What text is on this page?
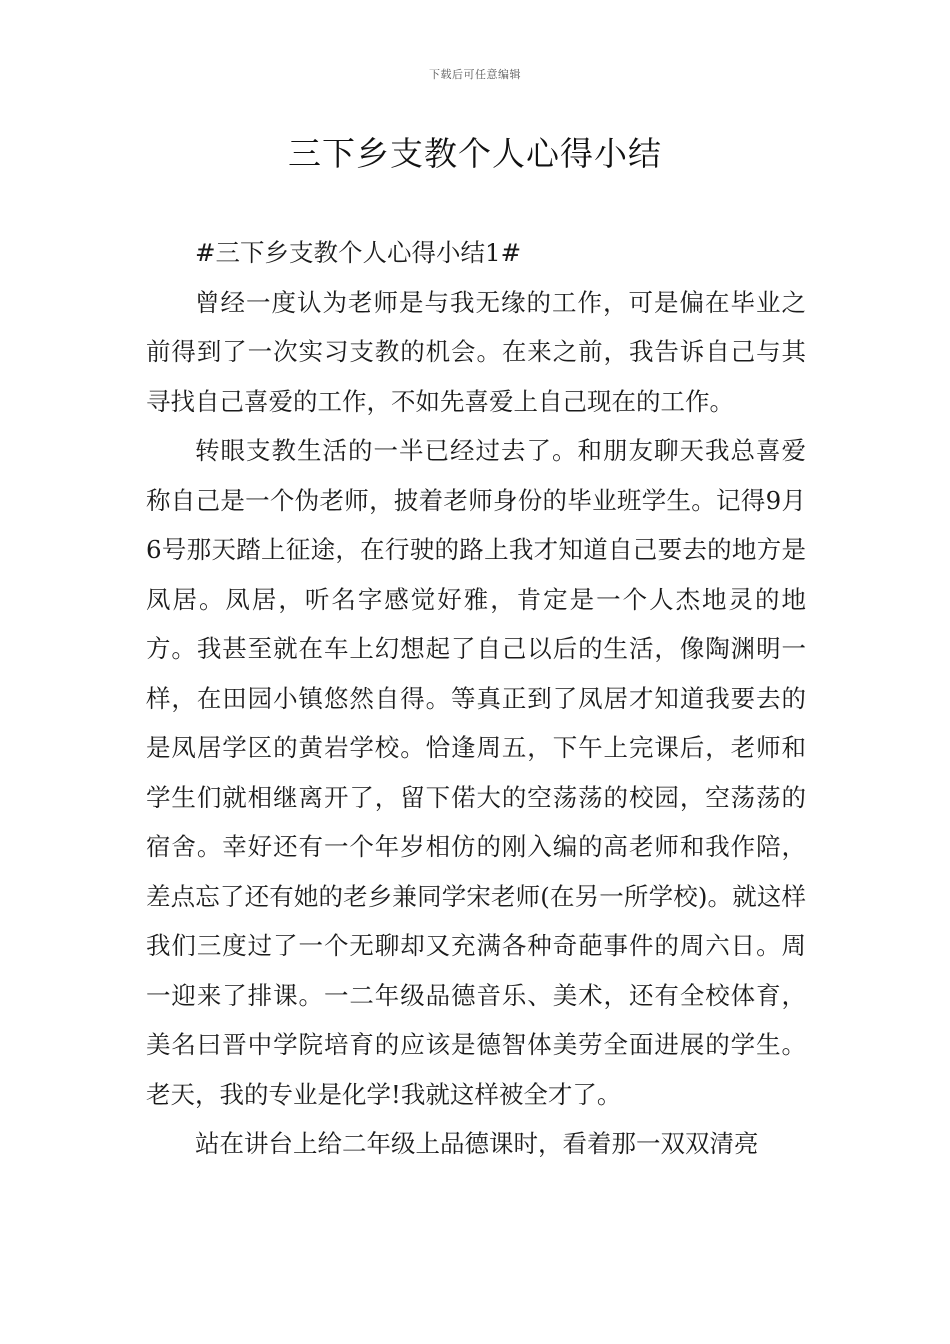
下载后可任意编辑
三下乡支教个人心得小结

#三下乡支教个人心得小结1#

曾经一度认为老师是与我无缘的工作，可是偏在毕业之前得到了一次实习支教的机会。在来之前，我告诉自己与其寻找自己喜爱的工作，不如先喜爱上自己现在的工作。

转眼支教生活的一半已经过去了。和朋友聊天我总喜爱称自己是一个伪老师，披着老师身份的毕业班学生。记得9月6号那天踏上征途，在行驶的路上我才知道自己要去的地方是凤居。凤居，听名字感觉好雅，肯定是一个人杰地灵的地方。我甚至就在车上幻想起了自己以后的生活，像陶渊明一样，在田园小镇悠然自得。等真正到了凤居才知道我要去的是凤居学区的黄岩学校。恰逢周五，下午上完课后，老师和学生们就相继离开了，留下偌大的空荡荡的校园，空荡荡的宿舍。幸好还有一个年岁相仿的刚入编的高老师和我作陪，差点忘了还有她的老乡兼同学宋老师(在另一所学校)。就这样我们三度过了一个无聊却又充满各种奇葩事件的周六日。周一迎来了排课。一二年级品德音乐、美术，还有全校体育，美名曰晋中学院培育的应该是德智体美劳全面进展的学生。老天，我的专业是化学!我就这样被全才了。

站在讲台上给二年级上品德课时，看着那一双双清亮
